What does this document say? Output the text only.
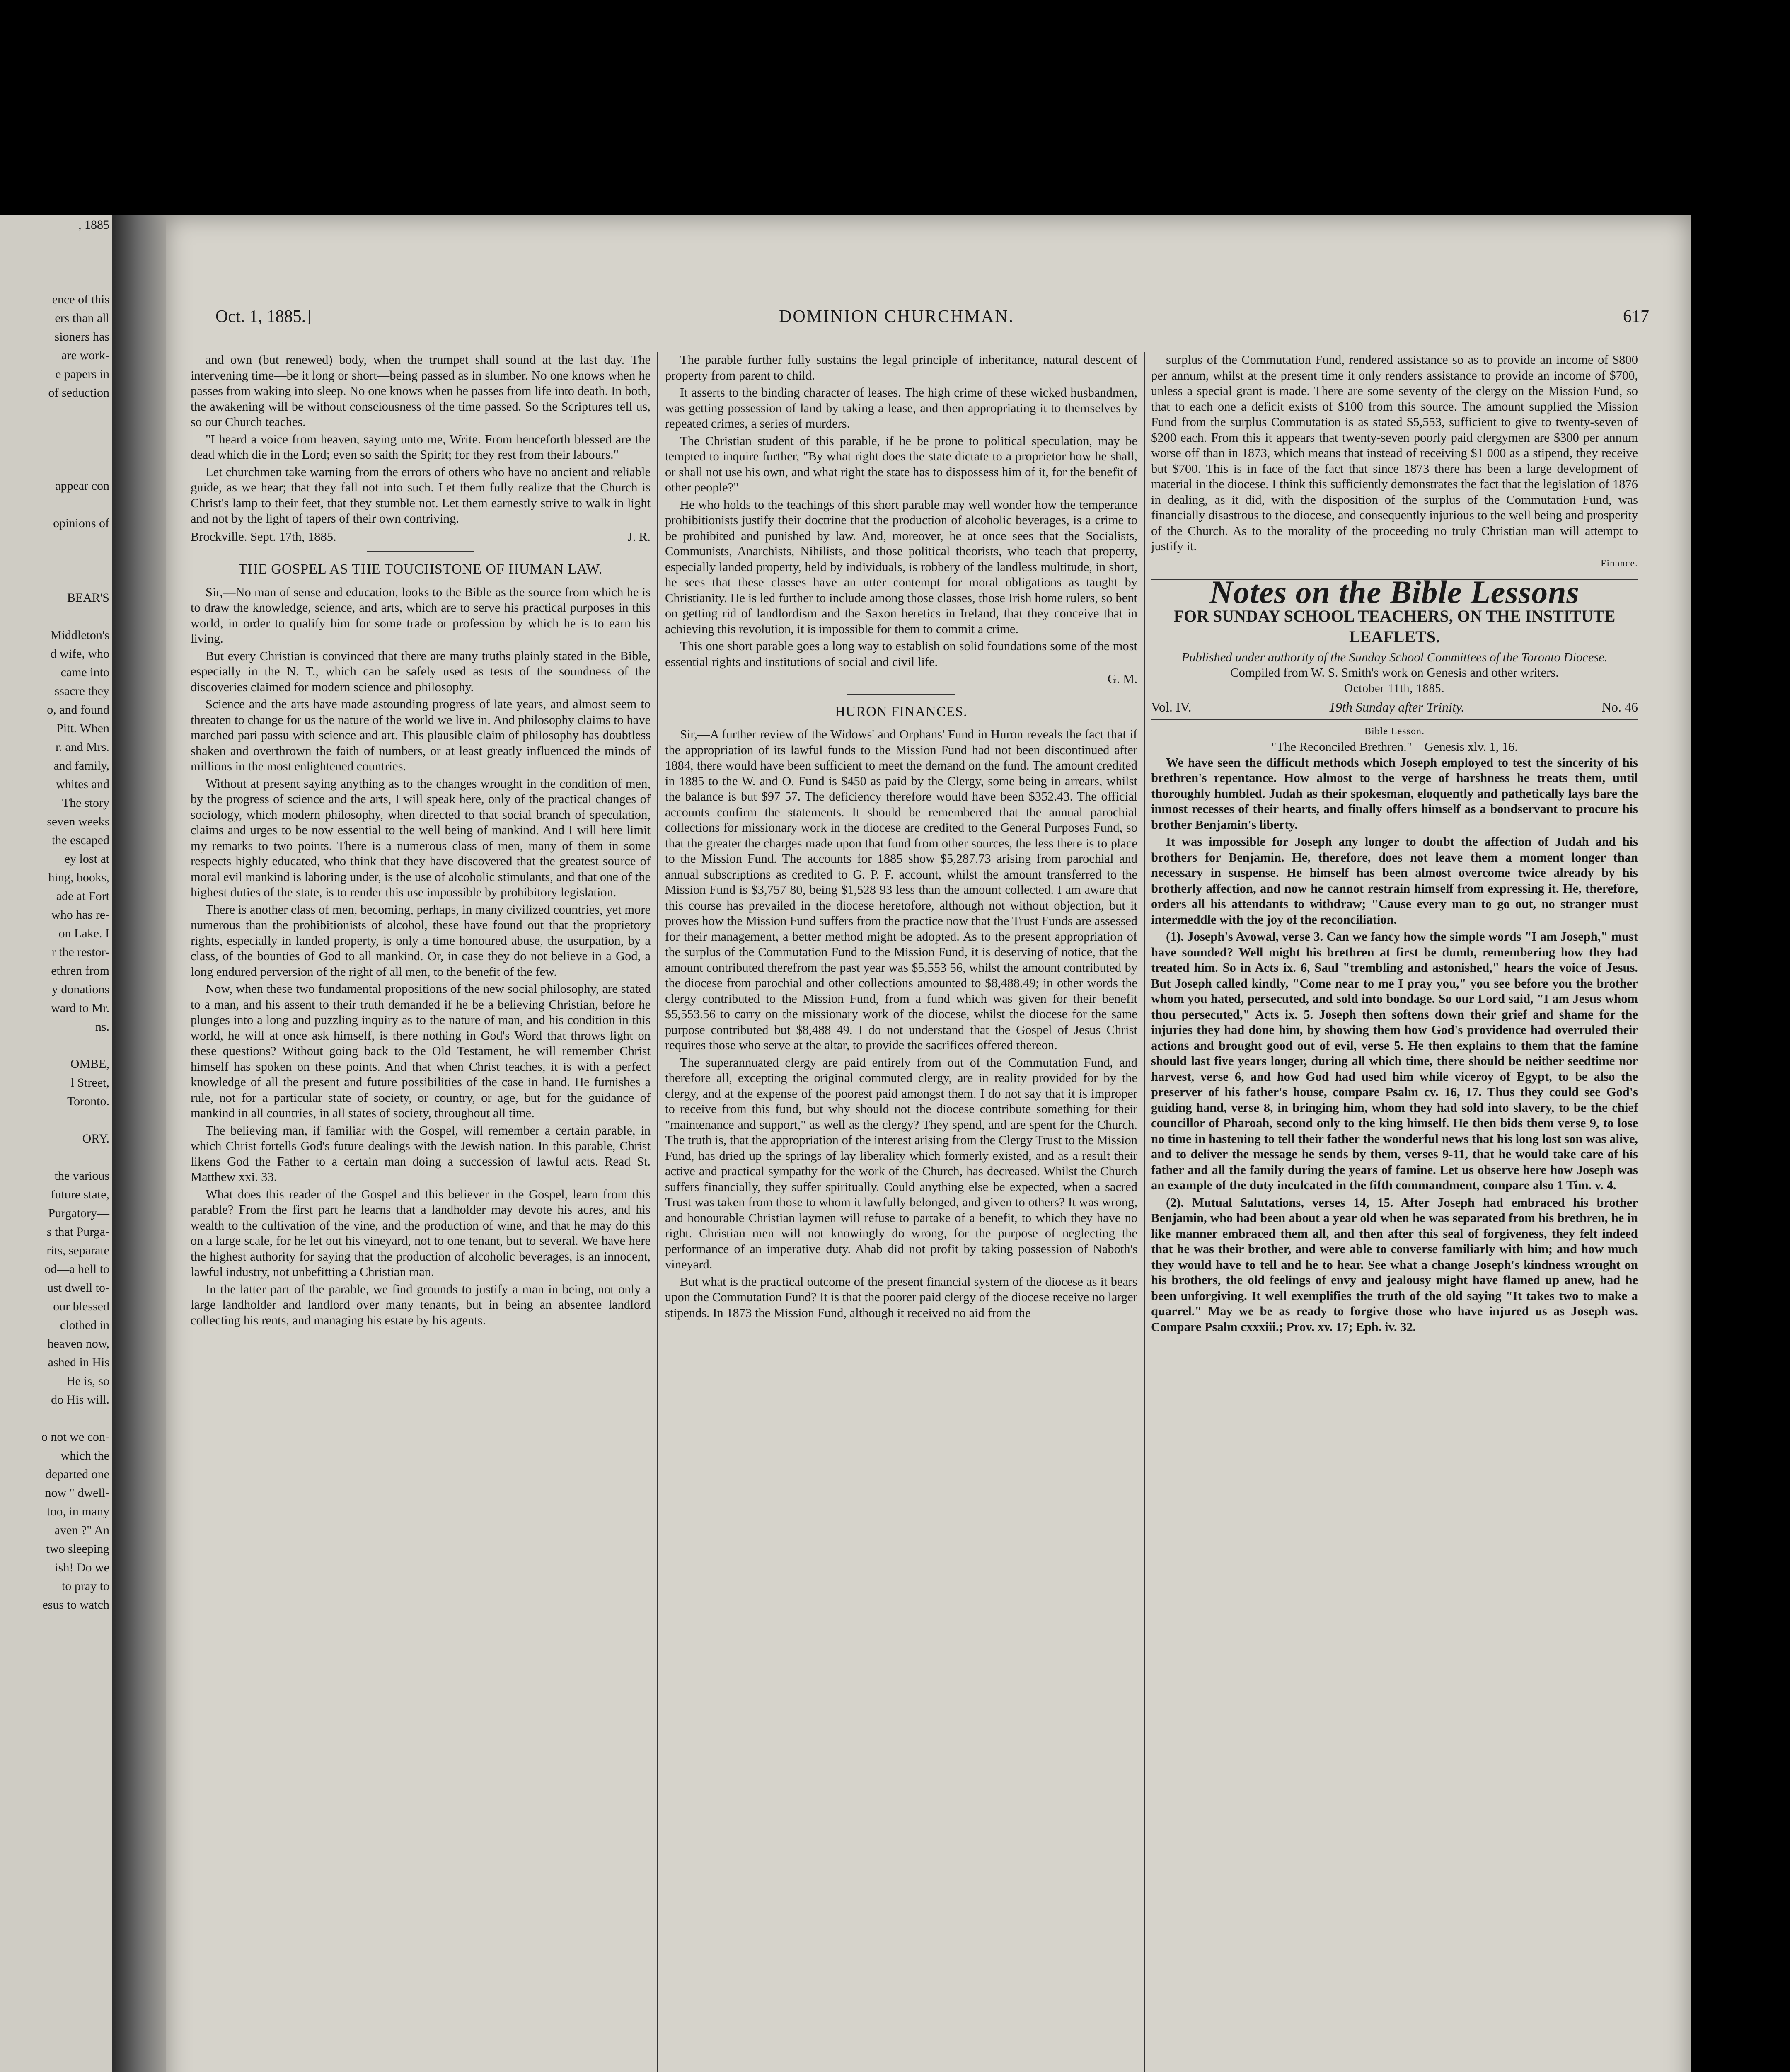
, 1885

ence of this
ers than all
sioners has
are work-
e papers in
of seduction

appear con

opinions of

BEAR'S

Middleton's
d wife, who
came into
ssacre they
o, and found
Pitt. When
r. and Mrs.
and family,
whites and
The story
seven weeks
the escaped
ey lost at
hing, books,
ade at Fort
who has re-
on Lake. I
r the restor-
ethren from
y donations
ward to Mr.
ns.

OMBE,
l Street,
Toronto.

ORY.

the various
future state,
Purgatory—
s that Purga-
rits, separate
od—a hell to
ust dwell to-
our blessed
clothed in
heaven now,
ashed in His
He is, so
do His will.

o not we con-
which the
departed one
now " dwell-
too, in many
aven ?" An
two sleeping
ish! Do we
to pray to
esus to watch
Oct. 1, 1885.]	DOMINION CHURCHMAN.	617

and own (but renewed) body, when the trumpet shall sound at the last day. The intervening time—be it long or short—being passed as in slumber. No one knows when he passes from waking into sleep. No one knows when he passes from life into death. In both, the awakening will be without consciousness of the time passed. So the Scriptures tell us, so our Church teaches.

"I heard a voice from heaven, saying unto me, Write. From henceforth blessed are the dead which die in the Lord; even so saith the Spirit; for they rest from their labours."

Let churchmen take warning from the errors of others who have no ancient and reliable guide, as we hear; that they fall not into such. Let them fully realize that the Church is Christ's lamp to their feet, that they stumble not. Let them earnestly strive to walk in light and not by the light of tapers of their own contriving.

Brockville. Sept. 17th, 1885.	J. R.
THE GOSPEL AS THE TOUCHSTONE OF HUMAN LAW.

Sir,—No man of sense and education, looks to the Bible as the source from which he is to draw the knowledge, science, and arts, which are to serve his practical purposes in this world, in order to qualify him for some trade or profession by which he is to earn his living.

But every Christian is convinced that there are many truths plainly stated in the Bible, especially in the N. T., which can be safely used as tests of the soundness of the discoveries claimed for modern science and philosophy.

Science and the arts have made astounding progress of late years, and almost seem to threaten to change for us the nature of the world we live in. And philosophy claims to have marched pari passu with science and art. This plausible claim of philosophy has doubtless shaken and overthrown the faith of numbers, or at least greatly influenced the minds of millions in the most enlightened countries.

Without at present saying anything as to the changes wrought in the condition of men, by the progress of science and the arts, I will speak here, only of the practical changes of sociology, which modern philosophy, when directed to that social branch of speculation, claims and urges to be now essential to the well being of mankind. And I will here limit my remarks to two points. There is a numerous class of men, many of them in some respects highly educated, who think that they have discovered that the greatest source of moral evil mankind is laboring under, is the use of alcoholic stimulants, and that one of the highest duties of the state, is to render this use impossible by prohibitory legislation.

There is another class of men, becoming, perhaps, in many civilized countries, yet more numerous than the prohibitionists of alcohol, these have found out that the proprietory rights, especially in landed property, is only a time honoured abuse, the usurpation, by a class, of the bounties of God to all mankind. Or, in case they do not believe in a God, a long endured perversion of the right of all men, to the benefit of the few.

Now, when these two fundamental propositions of the new social philosophy, are stated to a man, and his assent to their truth demanded if he be a believing Christian, before he plunges into a long and puzzling inquiry as to the nature of man, and his condition in this world, he will at once ask himself, is there nothing in God's Word that throws light on these questions? Without going back to the Old Testament, he will remember Christ himself has spoken on these points. And that when Christ teaches, it is with a perfect knowledge of all the present and future possibilities of the case in hand. He furnishes a rule, not for a particular state of society, or country, or age, but for the guidance of mankind in all countries, in all states of society, throughout all time.

The believing man, if familiar with the Gospel, will remember a certain parable, in which Christ fortells God's future dealings with the Jewish nation. In this parable, Christ likens God the Father to a certain man doing a succession of lawful acts. Read St. Matthew xxi. 33.

What does this reader of the Gospel and this believer in the Gospel, learn from this parable? From the first part he learns that a landholder may devote his acres, and his wealth to the cultivation of the vine, and the production of wine, and that he may do this on a large scale, for he let out his vineyard, not to one tenant, but to several. We have here the highest authority for saying that the production of alcoholic beverages, is an innocent, lawful industry, not unbefitting a Christian man.

In the latter part of the parable, we find grounds to justify a man in being, not only a large landholder and landlord over many tenants, but in being an absentee landlord collecting his rents, and managing his estate by his agents.

The parable further fully sustains the legal principle of inheritance, natural descent of property from parent to child.

It asserts to the binding character of leases. The high crime of these wicked husbandmen, was getting possession of land by taking a lease, and then appropriating it to themselves by repeated crimes, a series of murders.

The Christian student of this parable, if he be prone to political speculation, may be tempted to inquire further, "By what right does the state dictate to a proprietor how he shall, or shall not use his own, and what right the state has to dispossess him of it, for the benefit of other people?"

He who holds to the teachings of this short parable may well wonder how the temperance prohibitionists justify their doctrine that the production of alcoholic beverages, is a crime to be prohibited and punished by law. And, moreover, he at once sees that the Socialists, Communists, Anarchists, Nihilists, and those political theorists, who teach that property, especially landed property, held by individuals, is robbery of the landless multitude, in short, he sees that these classes have an utter contempt for moral obligations as taught by Christianity. He is led further to include among those classes, those Irish home rulers, so bent on getting rid of landlordism and the Saxon heretics in Ireland, that they conceive that in achieving this revolution, it is impossible for them to commit a crime.

This one short parable goes a long way to establish on solid foundations some of the most essential rights and institutions of social and civil life.

G. M.
HURON FINANCES.

Sir,—A further review of the Widows' and Orphans' Fund in Huron reveals the fact that if the appropriation of its lawful funds to the Mission Fund had not been discontinued after 1884, there would have been sufficient to meet the demand on the fund. The amount credited in 1885 to the W. and O. Fund is $450 as paid by the Clergy, some being in arrears, whilst the balance is but $97 57. The deficiency therefore would have been $352.43. The official accounts confirm the statements. It should be remembered that the annual parochial collections for missionary work in the diocese are credited to the General Purposes Fund, so that the greater the charges made upon that fund from other sources, the less there is to place to the Mission Fund. The accounts for 1885 show $5,287.73 arising from parochial and annual subscriptions as credited to G. P. F. account, whilst the amount transferred to the Mission Fund is $3,757 80, being $1,528 93 less than the amount collected. I am aware that this course has prevailed in the diocese heretofore, although not without objection, but it proves how the Mission Fund suffers from the practice now that the Trust Funds are assessed for their management, a better method might be adopted. As to the present appropriation of the surplus of the Commutation Fund to the Mission Fund, it is deserving of notice, that the amount contributed therefrom the past year was $5,553 56, whilst the amount contributed by the diocese from parochial and other collections amounted to $8,488.49; in other words the clergy contributed to the Mission Fund, from a fund which was given for their benefit $5,553.56 to carry on the missionary work of the diocese, whilst the diocese for the same purpose contributed but $8,488 49. I do not understand that the Gospel of Jesus Christ requires those who serve at the altar, to provide the sacrifices offered thereon.

The superannuated clergy are paid entirely from out of the Commutation Fund, and therefore all, excepting the original commuted clergy, are in reality provided for by the clergy, and at the expense of the poorest paid amongst them. I do not say that it is improper to receive from this fund, but why should not the diocese contribute something for their "maintenance and support," as well as the clergy? They spend, and are spent for the Church. The truth is, that the appropriation of the interest arising from the Clergy Trust to the Mission Fund, has dried up the springs of lay liberality which formerly existed, and as a result their active and practical sympathy for the work of the Church, has decreased. Whilst the Church suffers financially, they suffer spiritually. Could anything else be expected, when a sacred Trust was taken from those to whom it lawfully belonged, and given to others? It was wrong, and honourable Christian laymen will refuse to partake of a benefit, to which they have no right. Christian men will not knowingly do wrong, for the purpose of neglecting the performance of an imperative duty. Ahab did not profit by taking possession of Naboth's vineyard.

But what is the practical outcome of the present financial system of the diocese as it bears upon the Commutation Fund? It is that the poorer paid clergy of the diocese receive no larger stipends. In 1873 the Mission Fund, although it received no aid from the

surplus of the Commutation Fund, rendered assistance so as to provide an income of $800 per annum, whilst at the present time it only renders assistance to provide an income of $700, unless a special grant is made. There are some seventy of the clergy on the Mission Fund, so that to each one a deficit exists of $100 from this source. The amount supplied the Mission Fund from the surplus Commutation is as stated $5,553, sufficient to give to twenty-seven of $200 each. From this it appears that twenty-seven poorly paid clergymen are $300 per annum worse off than in 1873, which means that instead of receiving $1 000 as a stipend, they receive but $700. This is in face of the fact that since 1873 there has been a large development of material in the diocese. I think this sufficiently demonstrates the fact that the legislation of 1876 in dealing, as it did, with the disposition of the surplus of the Commutation Fund, was financially disastrous to the diocese, and consequently injurious to the well being and prosperity of the Church. As to the morality of the proceeding no truly Christian man will attempt to justify it.

Finance.
Notes on the Bible Lessons
FOR SUNDAY SCHOOL TEACHERS, ON THE INSTITUTE LEAFLETS.
Published under authority of the Sunday School Committees of the Toronto Diocese.
Compiled from W. S. Smith's work on Genesis and other writers.
October 11th, 1885.
Vol. IV.	19th Sunday after Trinity.	No. 46
Bible Lesson.
"The Reconciled Brethren."—Genesis xlv. 1, 16.

We have seen the difficult methods which Joseph employed to test the sincerity of his brethren's repentance. How almost to the verge of harshness he treats them, until thoroughly humbled. Judah as their spokesman, eloquently and pathetically lays bare the inmost recesses of their hearts, and finally offers himself as a bondservant to procure his brother Benjamin's liberty.

It was impossible for Joseph any longer to doubt the affection of Judah and his brothers for Benjamin. He, therefore, does not leave them a moment longer than necessary in suspense. He himself has been almost overcome twice already by his brotherly affection, and now he cannot restrain himself from expressing it. He, therefore, orders all his attendants to withdraw; "Cause every man to go out, no stranger must intermeddle with the joy of the reconciliation.

(1). Joseph's Avowal, verse 3. Can we fancy how the simple words "I am Joseph," must have sounded? Well might his brethren at first be dumb, remembering how they had treated him. So in Acts ix. 6, Saul "trembling and astonished," hears the voice of Jesus. But Joseph called kindly, "Come near to me I pray you," you see before you the brother whom you hated, persecuted, and sold into bondage. So our Lord said, "I am Jesus whom thou persecuted," Acts ix. 5. Joseph then softens down their grief and shame for the injuries they had done him, by showing them how God's providence had overruled their actions and brought good out of evil, verse 5. He then explains to them that the famine should last five years longer, during all which time, there should be neither seedtime nor harvest, verse 6, and how God had used him while viceroy of Egypt, to be also the preserver of his father's house, compare Psalm cv. 16, 17. Thus they could see God's guiding hand, verse 8, in bringing him, whom they had sold into slavery, to be the chief councillor of Pharoah, second only to the king himself. He then bids them verse 9, to lose no time in hastening to tell their father the wonderful news that his long lost son was alive, and to deliver the message he sends by them, verses 9-11, that he would take care of his father and all the family during the years of famine. Let us observe here how Joseph was an example of the duty inculcated in the fifth commandment, compare also 1 Tim. v. 4.

(2). Mutual Salutations, verses 14, 15. After Joseph had embraced his brother Benjamin, who had been about a year old when he was separated from his brethren, he in like manner embraced them all, and then after this seal of forgiveness, they felt indeed that he was their brother, and were able to converse familiarly with him; and how much they would have to tell and he to hear. See what a change Joseph's kindness wrought on his brothers, the old feelings of envy and jealousy might have flamed up anew, had he been unforgiving. It well exemplifies the truth of the old saying "It takes two to make a quarrel." May we be as ready to forgive those who have injured us as Joseph was. Compare Psalm cxxxiii.; Prov. xv. 17; Eph. iv. 32.
